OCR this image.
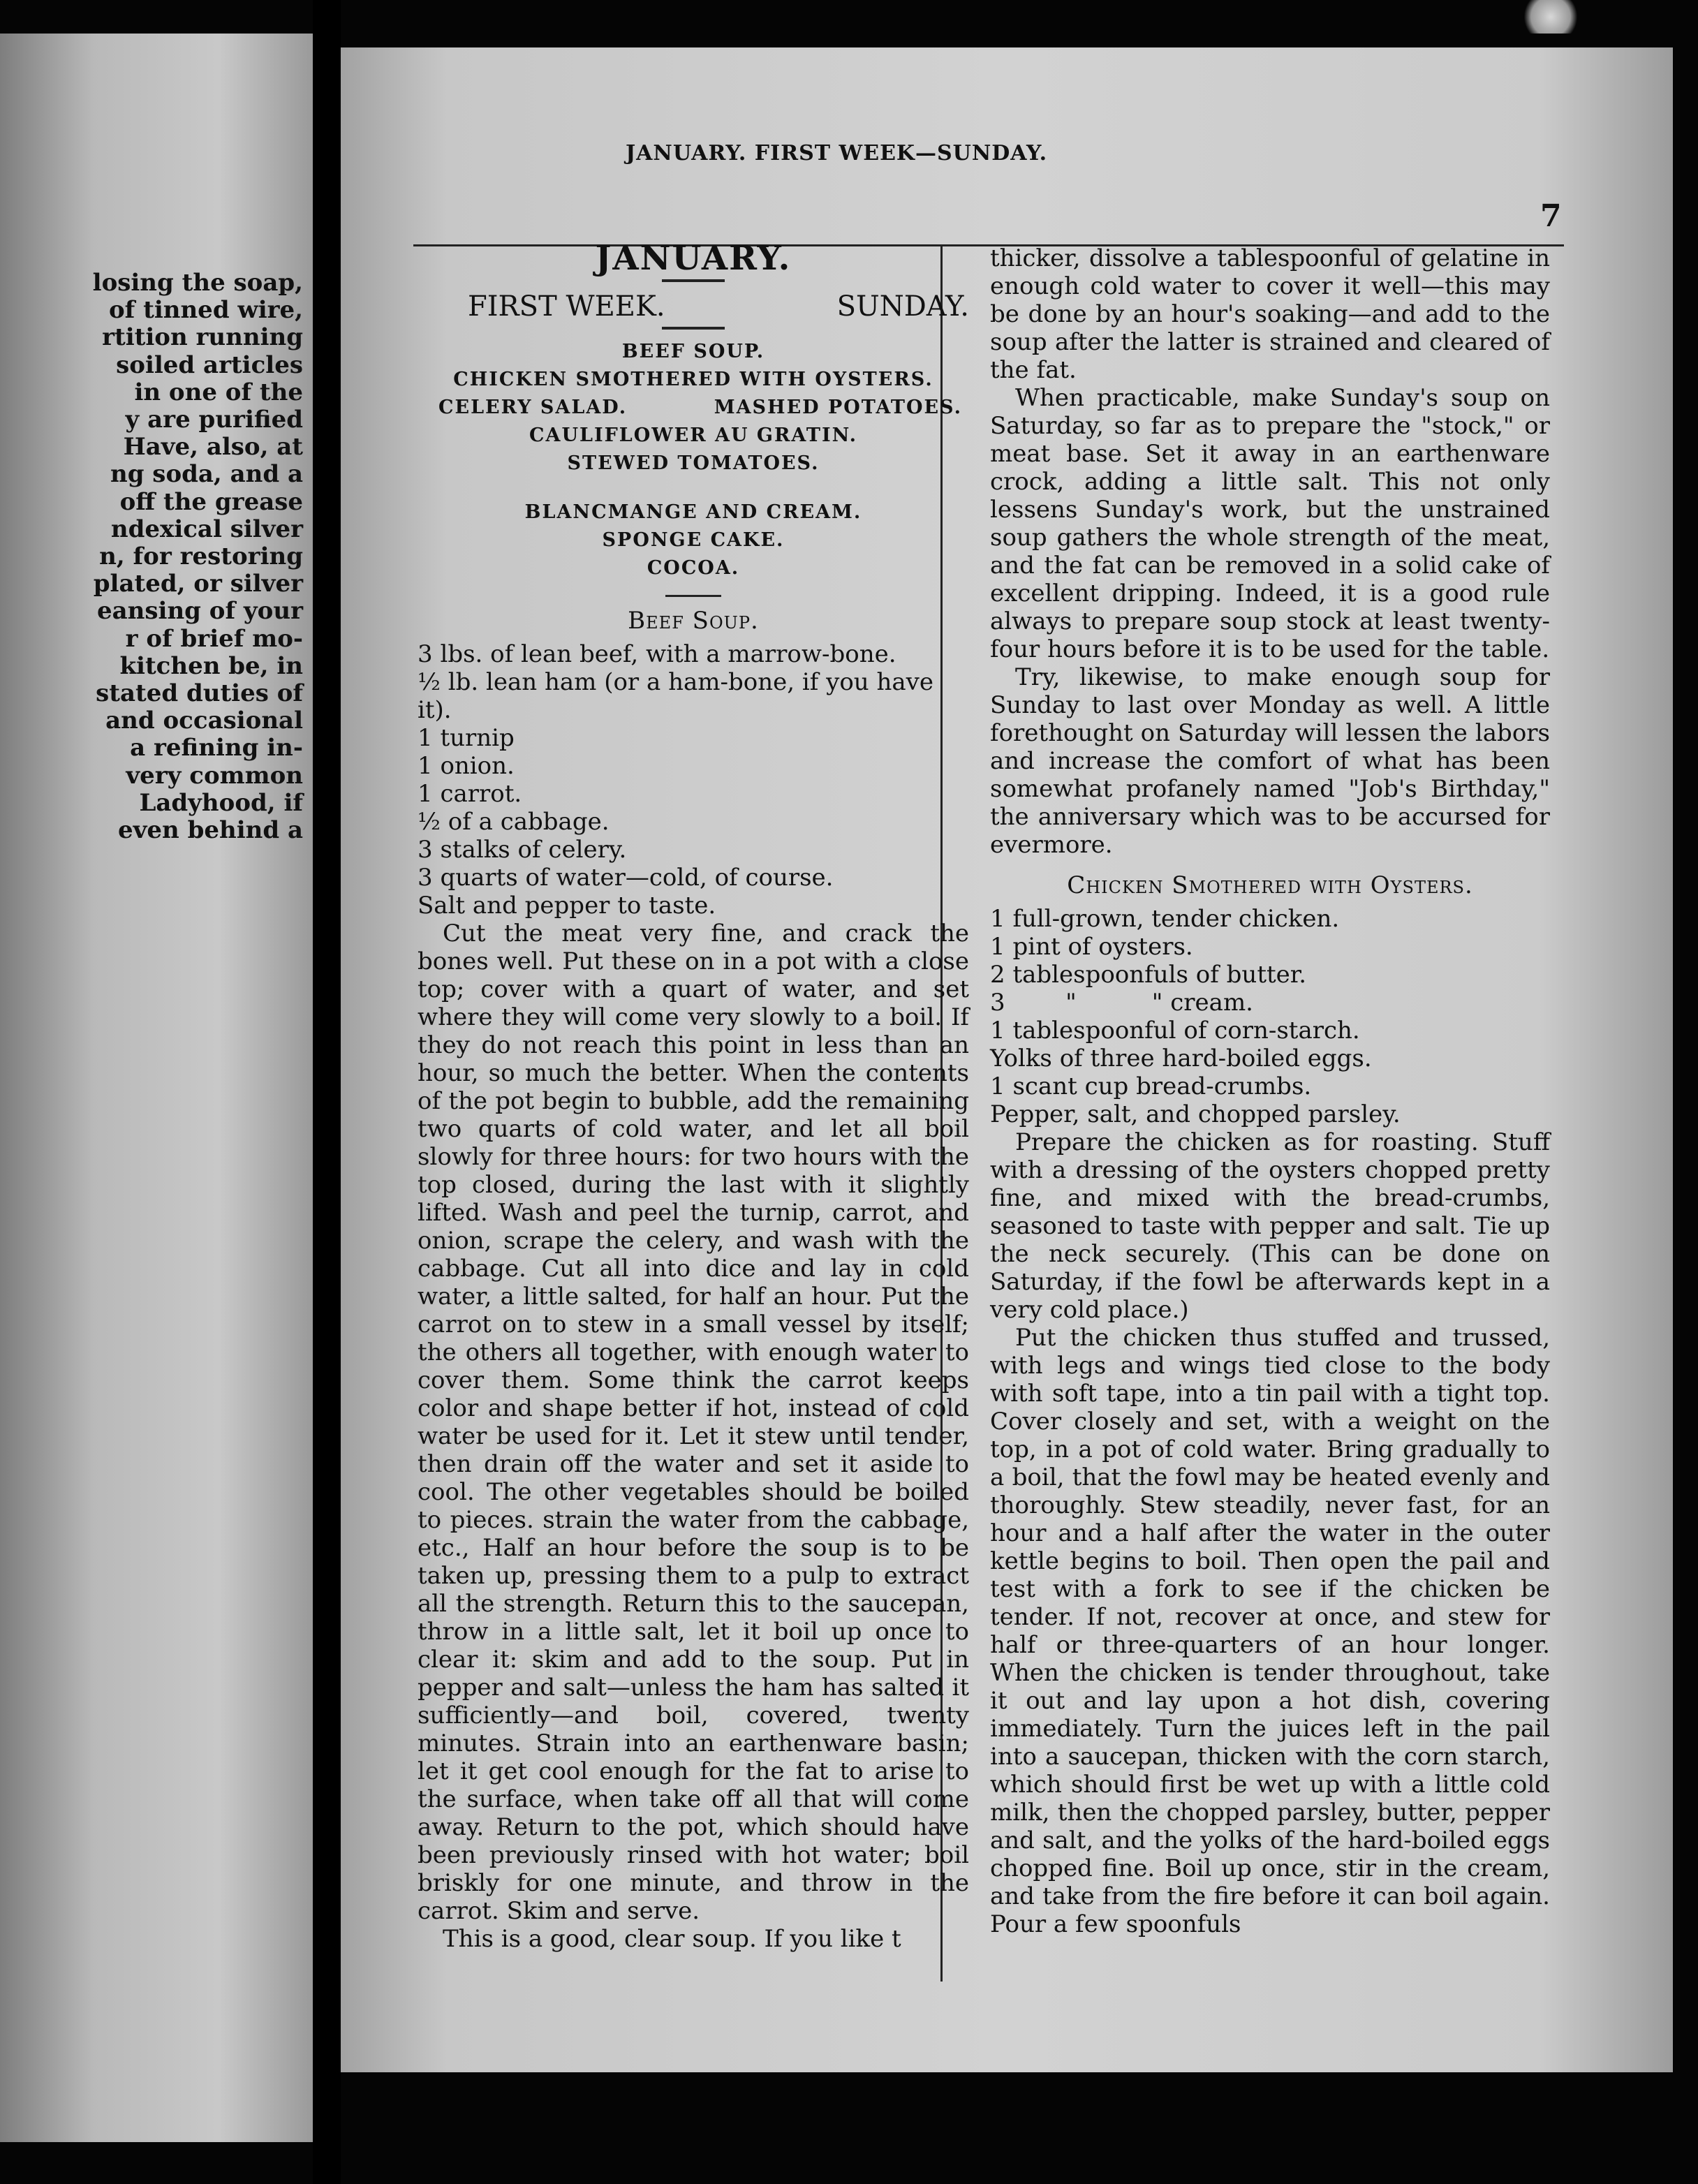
losing the soap,
of tinned wire,
rtition running
soiled articles
in one of the
y are purified
Have, also, at
ng soda, and a
off the grease
ndexical silver
n, for restoring
plated, or silver
eansing of your
r of brief mo-
kitchen be, in
stated duties of
and occasional
a refining in-
very common
Ladyhood, if
even behind a
JANUARY. FIRST WEEK—SUNDAY.
7
JANUARY.
FIRST WEEK.	SUNDAY.
BEEF SOUP.
CHICKEN SMOTHERED WITH OYSTERS.
CELERY SALAD.	MASHED POTATOES.
CAULIFLOWER AU GRATIN.
STEWED TOMATOES.
BLANCMANGE AND CREAM.
SPONGE CAKE.
COCOA.
Beef Soup.
3 lbs. of lean beef, with a marrow-bone.
½ lb. lean ham (or a ham-bone, if you have
it).
1 turnip
1 onion.
1 carrot.
½ of a cabbage.
3 stalks of celery.
3 quarts of water—cold, of course.
Salt and pepper to taste.

Cut the meat very fine, and crack the bones well. Put these on in a pot with a close top; cover with a quart of water, and set where they will come very slowly to a boil. If they do not reach this point in less than an hour, so much the better. When the contents of the pot begin to bubble, add the remaining two quarts of cold water, and let all boil slowly for three hours: for two hours with the top closed, during the last with it slightly lifted. Wash and peel the turnip, carrot, and onion, scrape the celery, and wash with the cabbage. Cut all into dice and lay in cold water, a little salted, for half an hour. Put the carrot on to stew in a small vessel by itself; the others all together, with enough water to cover them. Some think the carrot keeps color and shape better if hot, instead of cold water be used for it. Let it stew until tender, then drain off the water and set it aside to cool. The other vegetables should be boiled to pieces. strain the water from the cabbage, etc., Half an hour before the soup is to be taken up, pressing them to a pulp to extract all the strength. Return this to the saucepan, throw in a little salt, let it boil up once to clear it: skim and add to the soup. Put in pepper and salt—unless the ham has salted it sufficiently—and boil, covered, twenty minutes. Strain into an earthenware basin; let it get cool enough for the fat to arise to the surface, when take off all that will come away. Return to the pot, which should have been previously rinsed with hot water; boil briskly for one minute, and throw in the carrot. Skim and serve.

This is a good, clear soup. If you like t

thicker, dissolve a tablespoonful of gelatine in enough cold water to cover it well—this may be done by an hour's soaking—and add to the soup after the latter is strained and cleared of the fat.

When practicable, make Sunday's soup on Saturday, so far as to prepare the "stock," or meat base. Set it away in an earthenware crock, adding a little salt. This not only lessens Sunday's work, but the unstrained soup gathers the whole strength of the meat, and the fat can be removed in a solid cake of excellent dripping. Indeed, it is a good rule always to prepare soup stock at least twenty-four hours before it is to be used for the table.

Try, likewise, to make enough soup for Sunday to last over Monday as well. A little forethought on Saturday will lessen the labors and increase the comfort of what has been somewhat profanely named "Job's Birthday," the anniversary which was to be accursed for evermore.

Chicken Smothered with Oysters.
1 full-grown, tender chicken.
1 pint of oysters.
2 tablespoonfuls of butter.
3        "          " cream.
1 tablespoonful of corn-starch.
Yolks of three hard-boiled eggs.
1 scant cup bread-crumbs.
Pepper, salt, and chopped parsley.

Prepare the chicken as for roasting. Stuff with a dressing of the oysters chopped pretty fine, and mixed with the bread-crumbs, seasoned to taste with pepper and salt. Tie up the neck securely. (This can be done on Saturday, if the fowl be afterwards kept in a very cold place.)

Put the chicken thus stuffed and trussed, with legs and wings tied close to the body with soft tape, into a tin pail with a tight top. Cover closely and set, with a weight on the top, in a pot of cold water. Bring gradually to a boil, that the fowl may be heated evenly and thoroughly. Stew steadily, never fast, for an hour and a half after the water in the outer kettle begins to boil. Then open the pail and test with a fork to see if the chicken be tender. If not, recover at once, and stew for half or three-quarters of an hour longer. When the chicken is tender throughout, take it out and lay upon a hot dish, covering immediately. Turn the juices left in the pail into a saucepan, thicken with the corn starch, which should first be wet up with a little cold milk, then the chopped parsley, butter, pepper and salt, and the yolks of the hard-boiled eggs chopped fine. Boil up once, stir in the cream, and take from the fire before it can boil again. Pour a few spoonfuls
